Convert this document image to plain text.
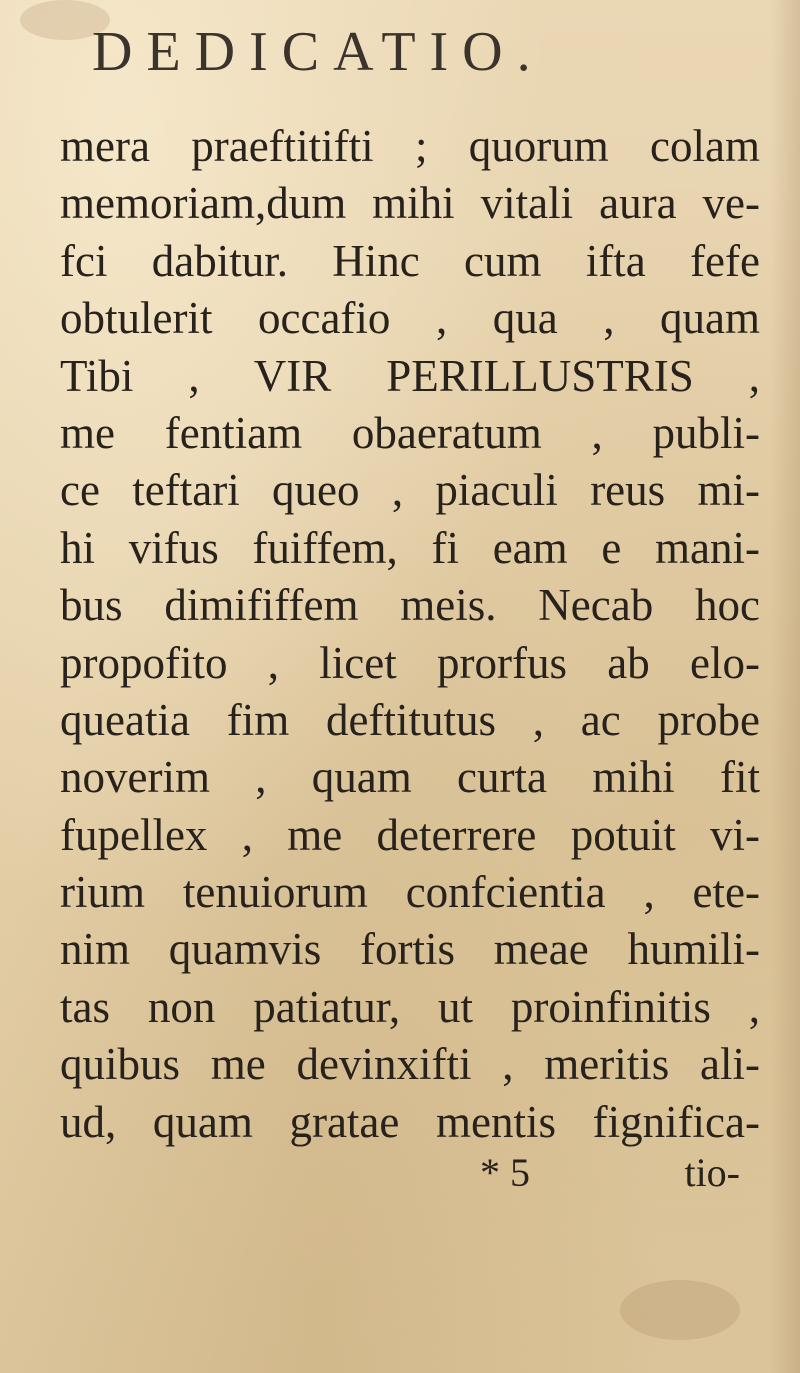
DEDICATIO.
mera praeftitifti ; quorum colam
memoriam,dum mihi vitali aura ve-
fci dabitur. Hinc cum ifta fefe
obtulerit occafio , qua , quam
Tibi , VIR PERILLUSTRIS ,
me fentiam obaeratum , publi-
ce teftari queo , piaculi reus mi-
hi vifus fuiffem, fi eam e mani-
bus dimififfem meis. Necab hoc
propofito , licet prorfus ab elo-
queatia fim deftitutus , ac probe
noverim , quam curta mihi fit
fupellex , me deterrere potuit vi-
rium tenuiorum confcientia , ete-
nim quamvis fortis meae humili-
tas non patiatur, ut proinfinitis ,
quibus me devinxifti , meritis ali-
ud, quam gratae mentis fignifica-
* 5	tio-
